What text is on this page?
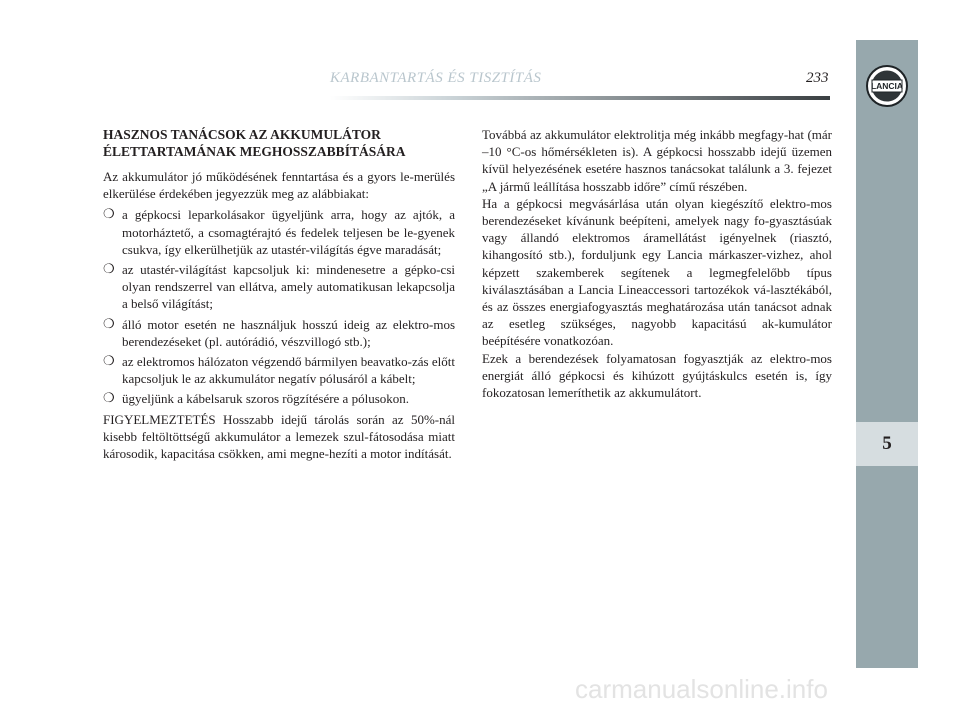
KARBANTARTÁS ÉS TISZTÍTÁS	233
LANCIA
5
HASZNOS TANÁCSOK AZ AKKUMULÁTOR ÉLETTARTAMÁNAK MEGHOSSZABBÍTÁSÁRA

Az akkumulátor jó működésének fenntartása és a gyors le-merülés elkerülése érdekében jegyezzük meg az alábbiakat:

❍ a gépkocsi leparkolásakor ügyeljünk arra, hogy az ajtók, a motorháztető, a csomagtérajtó és fedelek teljesen be le-gyenek csukva, így elkerülhetjük az utastér-világítás égve maradását;
❍ az utastér-világítást kapcsoljuk ki: mindenesetre a gépko-csi olyan rendszerrel van ellátva, amely automatikusan lekapcsolja a belső világítást;
❍ álló motor esetén ne használjuk hosszú ideig az elektro-mos berendezéseket (pl. autórádió, vészvillogó stb.);
❍ az elektromos hálózaton végzendő bármilyen beavatko-zás előtt kapcsoljuk le az akkumulátor negatív pólusáról a kábelt;
❍ ügyeljünk a kábelsaruk szoros rögzítésére a pólusokon.

FIGYELMEZTETÉS Hosszabb idejű tárolás során az 50%-nál kisebb feltöltöttségű akkumulátor a lemezek szul-fátosodása miatt károsodik, kapacitása csökken, ami megne-hezíti a motor indítását.

Továbbá az akkumulátor elektrolitja még inkább megfagy-hat (már –10 °C-os hőmérsékleten is). A gépkocsi hosszabb idejű üzemen kívül helyezésének esetére hasznos tanácsokat találunk a 3. fejezet „A jármű leállítása hosszabb időre” című részében.

Ha a gépkocsi megvásárlása után olyan kiegészítő elektro-mos berendezéseket kívánunk beépíteni, amelyek nagy fo-gyasztásúak vagy állandó elektromos áramellátást igényelnek (riasztó, kihangosító stb.), forduljunk egy Lancia márkaszer-vizhez, ahol képzett szakemberek segítenek a legmegfelelőbb típus kiválasztásában a Lancia Lineaccessori tartozékok vá-lasztékából, és az összes energiafogyasztás meghatározása után tanácsot adnak az esetleg szükséges, nagyobb kapacitású ak-kumulátor beépítésére vonatkozóan.

Ezek a berendezések folyamatosan fogyasztják az elektro-mos energiát álló gépkocsi és kihúzott gyújtáskulcs esetén is, így fokozatosan lemeríthetik az akkumulátort.

carmanualsonline.info
